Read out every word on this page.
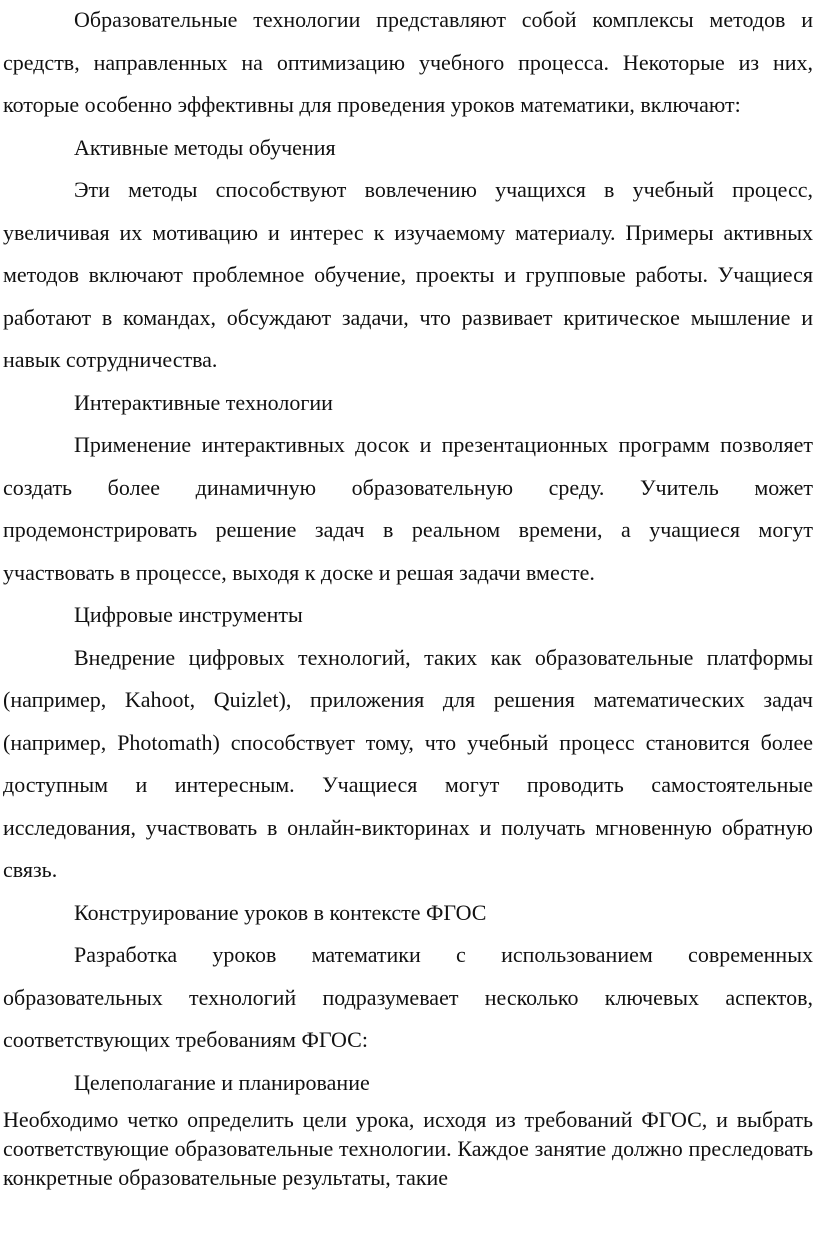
Образовательные технологии представляют собой комплексы методов и средств, направленных на оптимизацию учебного процесса. Некоторые из них, которые особенно эффективны для проведения уроков математики, включают:

Активные методы обучения

Эти методы способствуют вовлечению учащихся в учебный процесс, увеличивая их мотивацию и интерес к изучаемому материалу. Примеры активных методов включают проблемное обучение, проекты и групповые работы. Учащиеся работают в командах, обсуждают задачи, что развивает критическое мышление и навык сотрудничества.

Интерактивные технологии

Применение интерактивных досок и презентационных программ позволяет создать более динамичную образовательную среду. Учитель может продемонстрировать решение задач в реальном времени, а учащиеся могут участвовать в процессе, выходя к доске и решая задачи вместе.

Цифровые инструменты

Внедрение цифровых технологий, таких как образовательные платформы (например, Kahoot, Quizlet), приложения для решения математических задач (например, Photomath) способствует тому, что учебный процесс становится более доступным и интересным. Учащиеся могут проводить самостоятельные исследования, участвовать в онлайн-викторинах и получать мгновенную обратную связь.

Конструирование уроков в контексте ФГОС

Разработка уроков математики с использованием современных образовательных технологий подразумевает несколько ключевых аспектов, соответствующих требованиям ФГОС:

Целеполагание и планирование

Необходимо четко определить цели урока, исходя из требований ФГОС, и выбрать соответствующие образовательные технологии. Каждое занятие должно преследовать конкретные образовательные результаты, такие
